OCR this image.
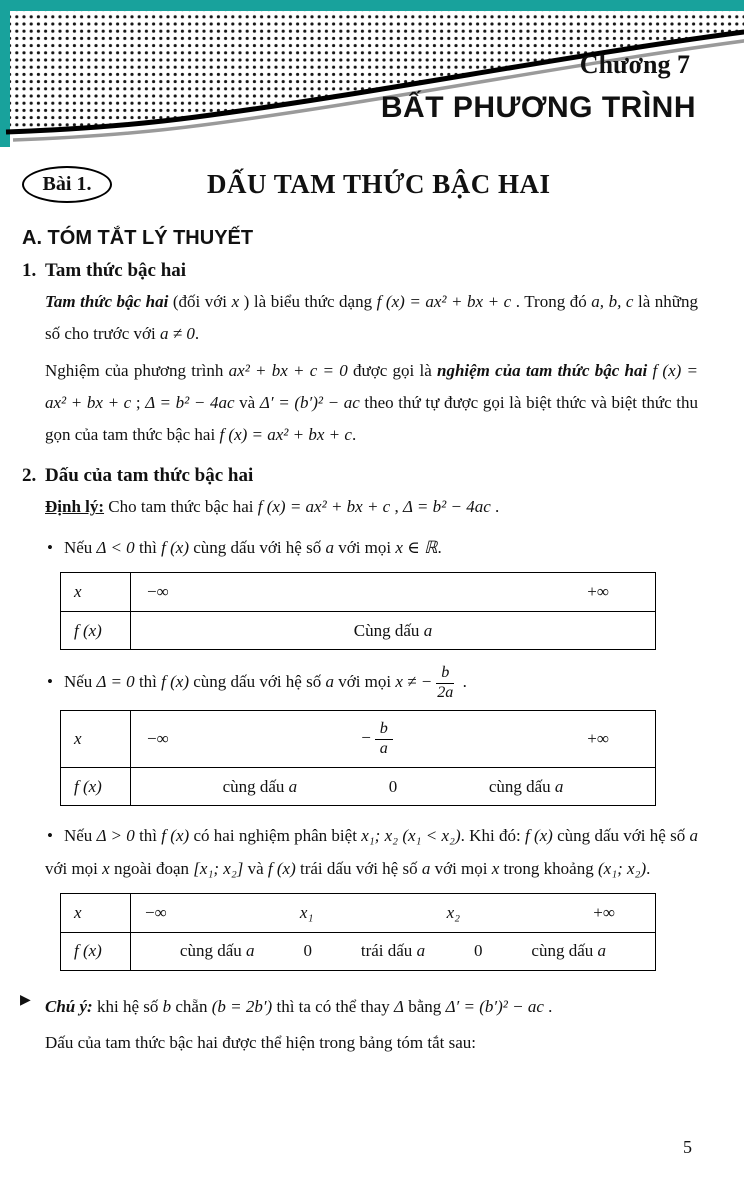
Chương 7
BẤT PHƯƠNG TRÌNH
Bài 1.	DẤU TAM THỨC BẬC HAI
A. TÓM TẮT LÝ THUYẾT
1. Tam thức bậc hai

Tam thức bậc hai (đối với x ) là biểu thức dạng f (x) = ax² + bx + c . Trong đó a, b, c là những số cho trước với a ≠ 0.

Nghiệm của phương trình ax² + bx + c = 0 được gọi là nghiệm của tam thức bậc hai f (x) = ax² + bx + c ; Δ = b² − 4ac và Δ′ = (b′)² − ac theo thứ tự được gọi là biệt thức và biệt thức thu gọn của tam thức bậc hai f (x) = ax² + bx + c.

2. Dấu của tam thức bậc hai

Định lý: Cho tam thức bậc hai f (x) = ax² + bx + c , Δ = b² − 4ac .

• Nếu Δ < 0 thì f (x) cùng dấu với hệ số a với mọi x ∈ ℝ.

x	−∞	+∞
f (x)	Cùng dấu a

• Nếu Δ = 0 thì f (x) cùng dấu với hệ số a với mọi x ≠ − $\frac{b}{2a}$ .

x	−∞	− $\frac{b}{a}$	+∞
f (x)	cùng dấu a	0	cùng dấu a

• Nếu Δ > 0 thì f (x) có hai nghiệm phân biệt x₁; x₂ (x₁ < x₂). Khi đó: f (x) cùng dấu với hệ số a với mọi x ngoài đoạn [x₁; x₂] và f (x) trái dấu với hệ số a với mọi x trong khoảng (x₁; x₂).

x	−∞	x₁	x₂	+∞
f (x)	cùng dấu a	0	trái dấu a	0	cùng dấu a
▶ Chú ý: khi hệ số b chẵn (b = 2b′) thì ta có thể thay Δ bằng Δ′ = (b′)² − ac .

Dấu của tam thức bậc hai được thể hiện trong bảng tóm tắt sau:

5
